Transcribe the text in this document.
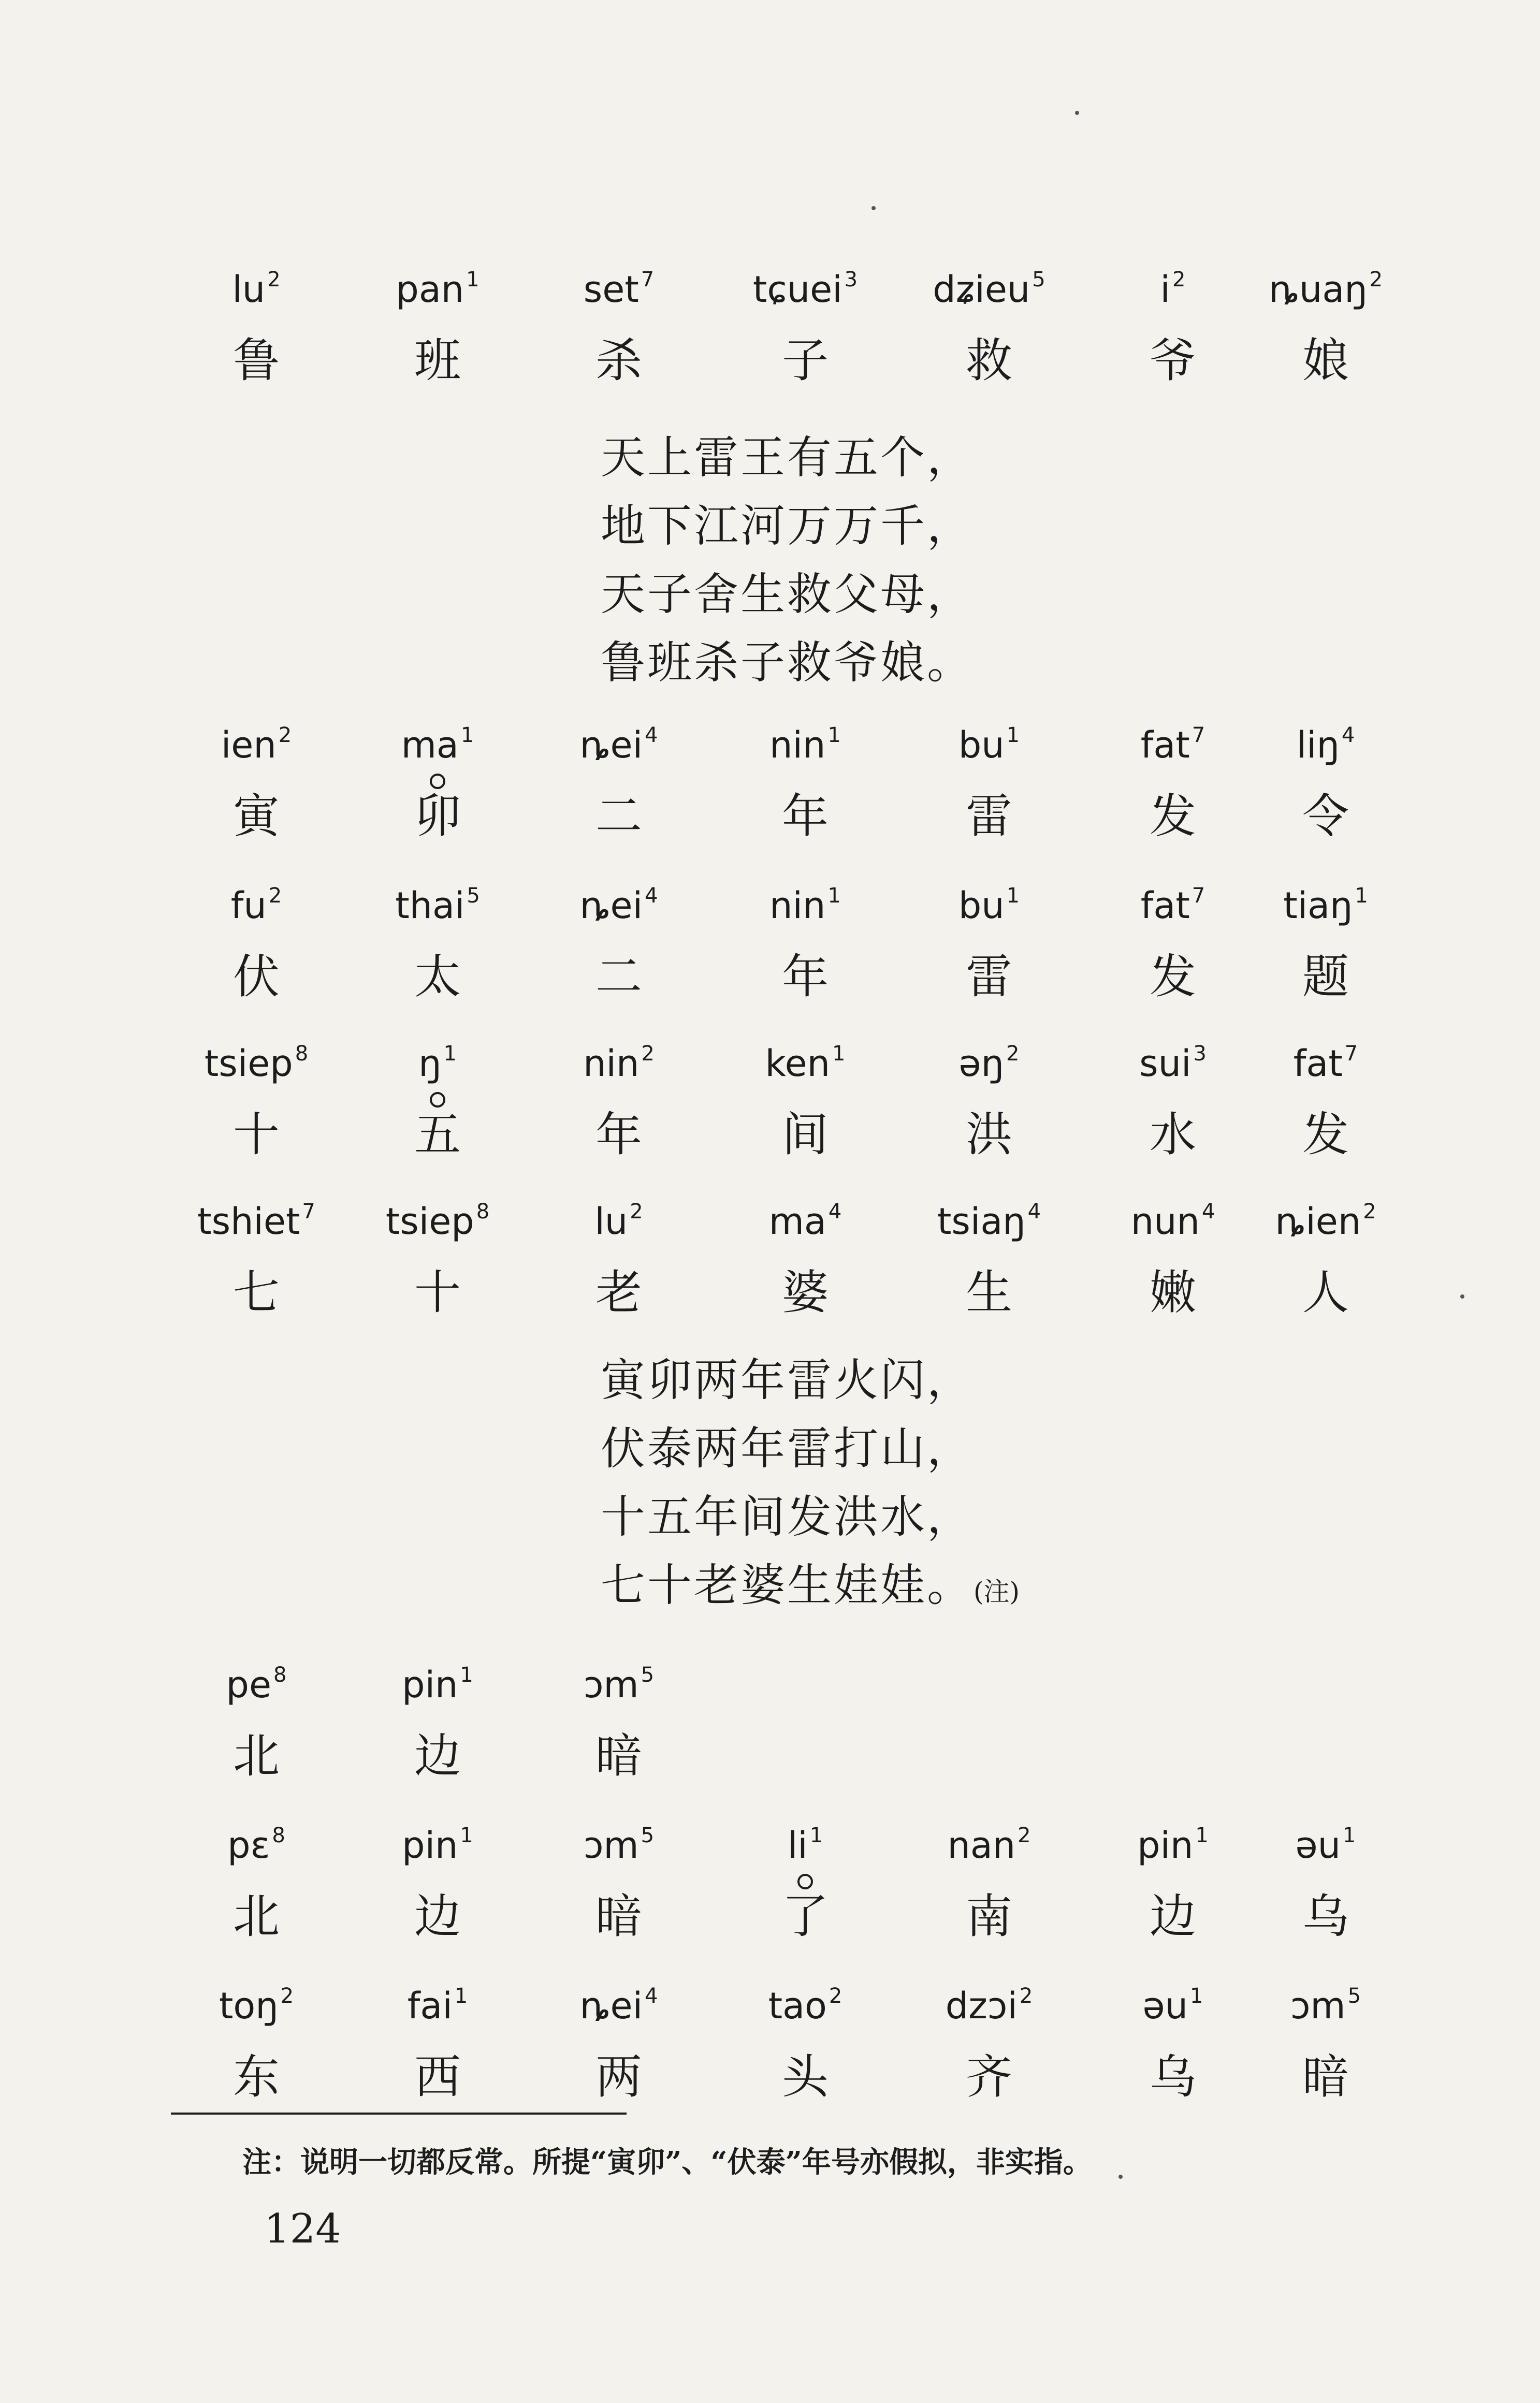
lu $^2$
鲁
pan $^1$
班
set $^7$
杀
tɕuei $^3$
子
dʑieu $^5$
救
i $^2$
爷
ȵuaŋ $^2$
娘
ien $^2$
寅
ma $^1$
卯
ȵei $^4$
二
nin $^1$
年
bu $^1$
雷
fat $^7$
发
liŋ $^4$
令
fu $^2$
伏
thai $^5$
太
ȵei $^4$
二
nin $^1$
年
bu $^1$
雷
fat $^7$
发
tiaŋ $^1$
题
tsiep $^8$
十
ŋ $^1$
五
nin $^2$
年
ken $^1$
间
əŋ $^2$
洪
sui $^3$
水
fat $^7$
发
tshiet $^7$
七
tsiep $^8$
十
lu $^2$
老
ma $^4$
婆
tsiaŋ $^4$
生
nun $^4$
嫩
ȵien $^2$
人
pe $^8$
北
pin $^1$
边
ɔm $^5$
暗
pɛ $^8$
北
pin $^1$
边
ɔm $^5$
暗
li $^1$
了
nan $^2$
南
pin $^1$
边
əu $^1$
乌
toŋ $^2$
东
fai $^1$
西
ȵei $^4$
两
tao $^2$
头
dzɔi $^2$
齐
əu $^1$
乌
ɔm $^5$
暗
天上雷王有五个，
地下江河万万千，
天子舍生救父母，
鲁班杀子救爷娘。
寅卯两年雷火闪，
伏泰两年雷打山，
十五年间发洪水，
七十老婆生娃娃。(注)
注：说明一切都反常。所提“寅卯”、“伏泰”年号亦假拟，非实指。
124
